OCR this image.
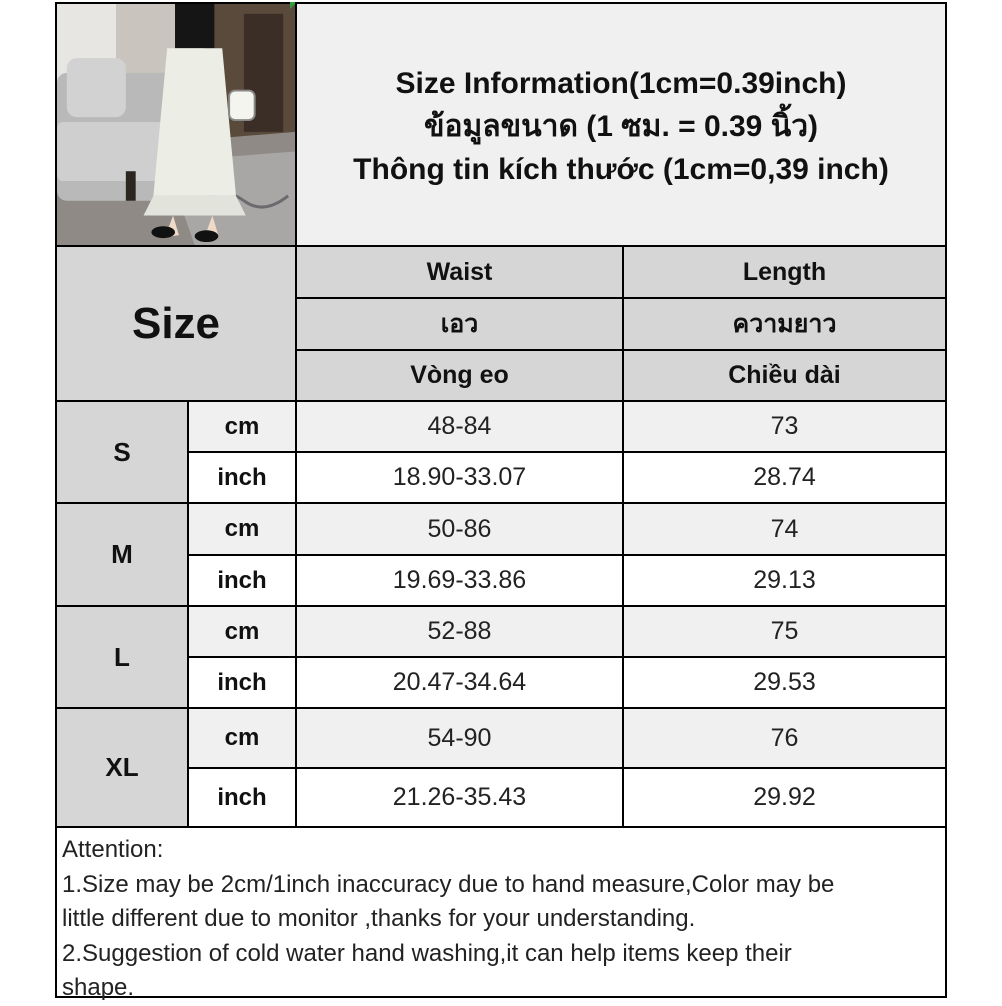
Size Information(1cm=0.39inch)
ข้อมูลขนาด (1 ซม. = 0.39 นิ้ว)
Thông tin kích thước (1cm=0,39 inch)
Size
Waist	Length
เอว	ความยาว
Vòng eo	Chiều dài
S
cm	48-84	73
inch	18.90-33.07	28.74
M
cm	50-86	74
inch	19.69-33.86	29.13
L
cm	52-88	75
inch	20.47-34.64	29.53
XL
cm	54-90	76
inch	21.26-35.43	29.92
Attention:
1.Size may be 2cm/1inch inaccuracy due to hand measure,Color may be
little different due to monitor ,thanks for your understanding.
2.Suggestion of cold water hand washing,it can help items keep their
shape.
